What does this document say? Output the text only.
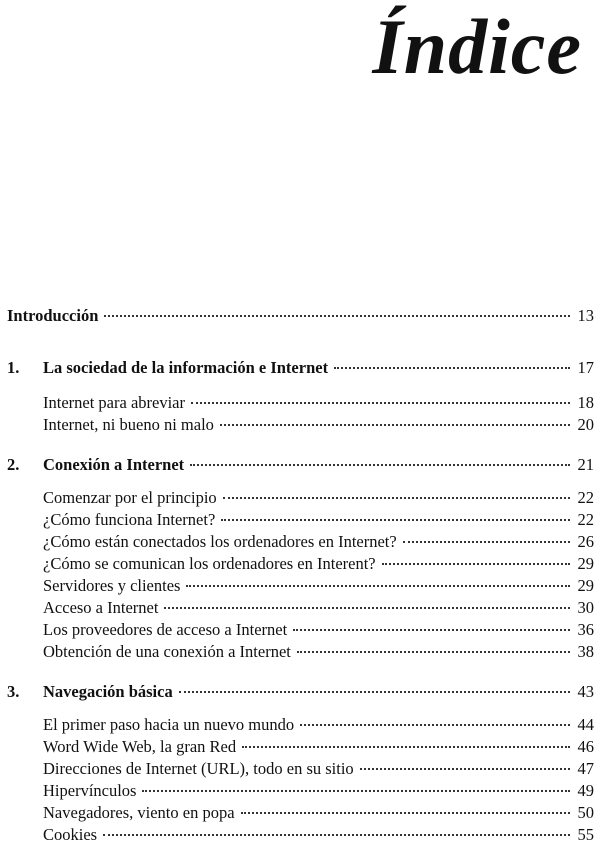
Índice
Introducción	13
1. La sociedad de la información e Internet	17
Internet para abreviar	18
Internet, ni bueno ni malo	20
2. Conexión a Internet	21
Comenzar por el principio	22
¿Cómo funciona Internet?	22
¿Cómo están conectados los ordenadores en Internet?	26
¿Cómo se comunican los ordenadores en Interent?	29
Servidores y clientes	29
Acceso a Internet	30
Los proveedores de acceso a Internet	36
Obtención de una conexión a Internet	38
3. Navegación básica	43
El primer paso hacia un nuevo mundo	44
Word Wide Web, la gran Red	46
Direcciones de Internet (URL), todo en su sitio	47
Hipervínculos	49
Navegadores, viento en popa	50
Cookies	55
